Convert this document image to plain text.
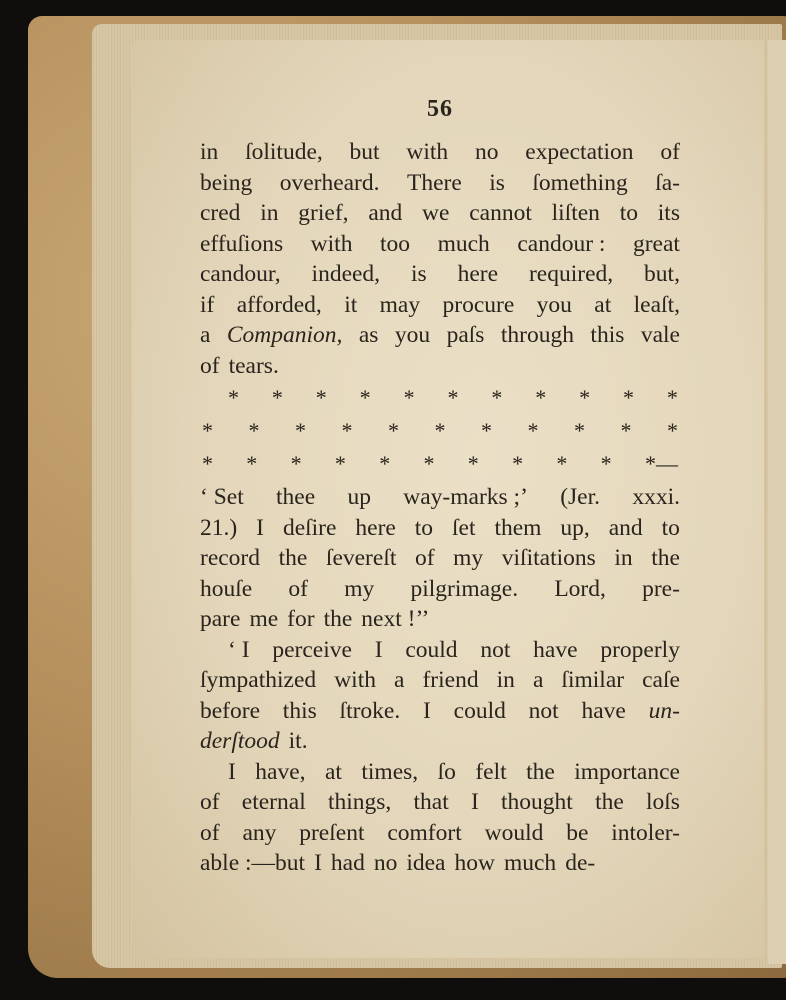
56
in ſolitude, but with no expectation of
being overheard. There is ſomething ſa-
cred in grief, and we cannot liſten to its
effuſions with too much candour : great
candour, indeed, is here required, but,
if afforded, it may procure you at leaſt,
a Companion, as you paſs through this vale
of tears.
* * * * * * * * * * *
* * * * * * * * * * *
* * * * * * * * * * *—
‘ Set thee up way-marks ;’ (Jer. xxxi.
21.) I deſire here to ſet them up, and to
record the ſevereſt of my viſitations in the
houſe of my pilgrimage. Lord, pre-
pare me for the next !’’
‘ I perceive I could not have properly
ſympathized with a friend in a ſimilar caſe
before this ſtroke. I could not have un-
derſtood it.
I have, at times, ſo felt the importance
of eternal things, that I thought the loſs
of any preſent comfort would be intoler-
able :—but I had no idea how much de-
